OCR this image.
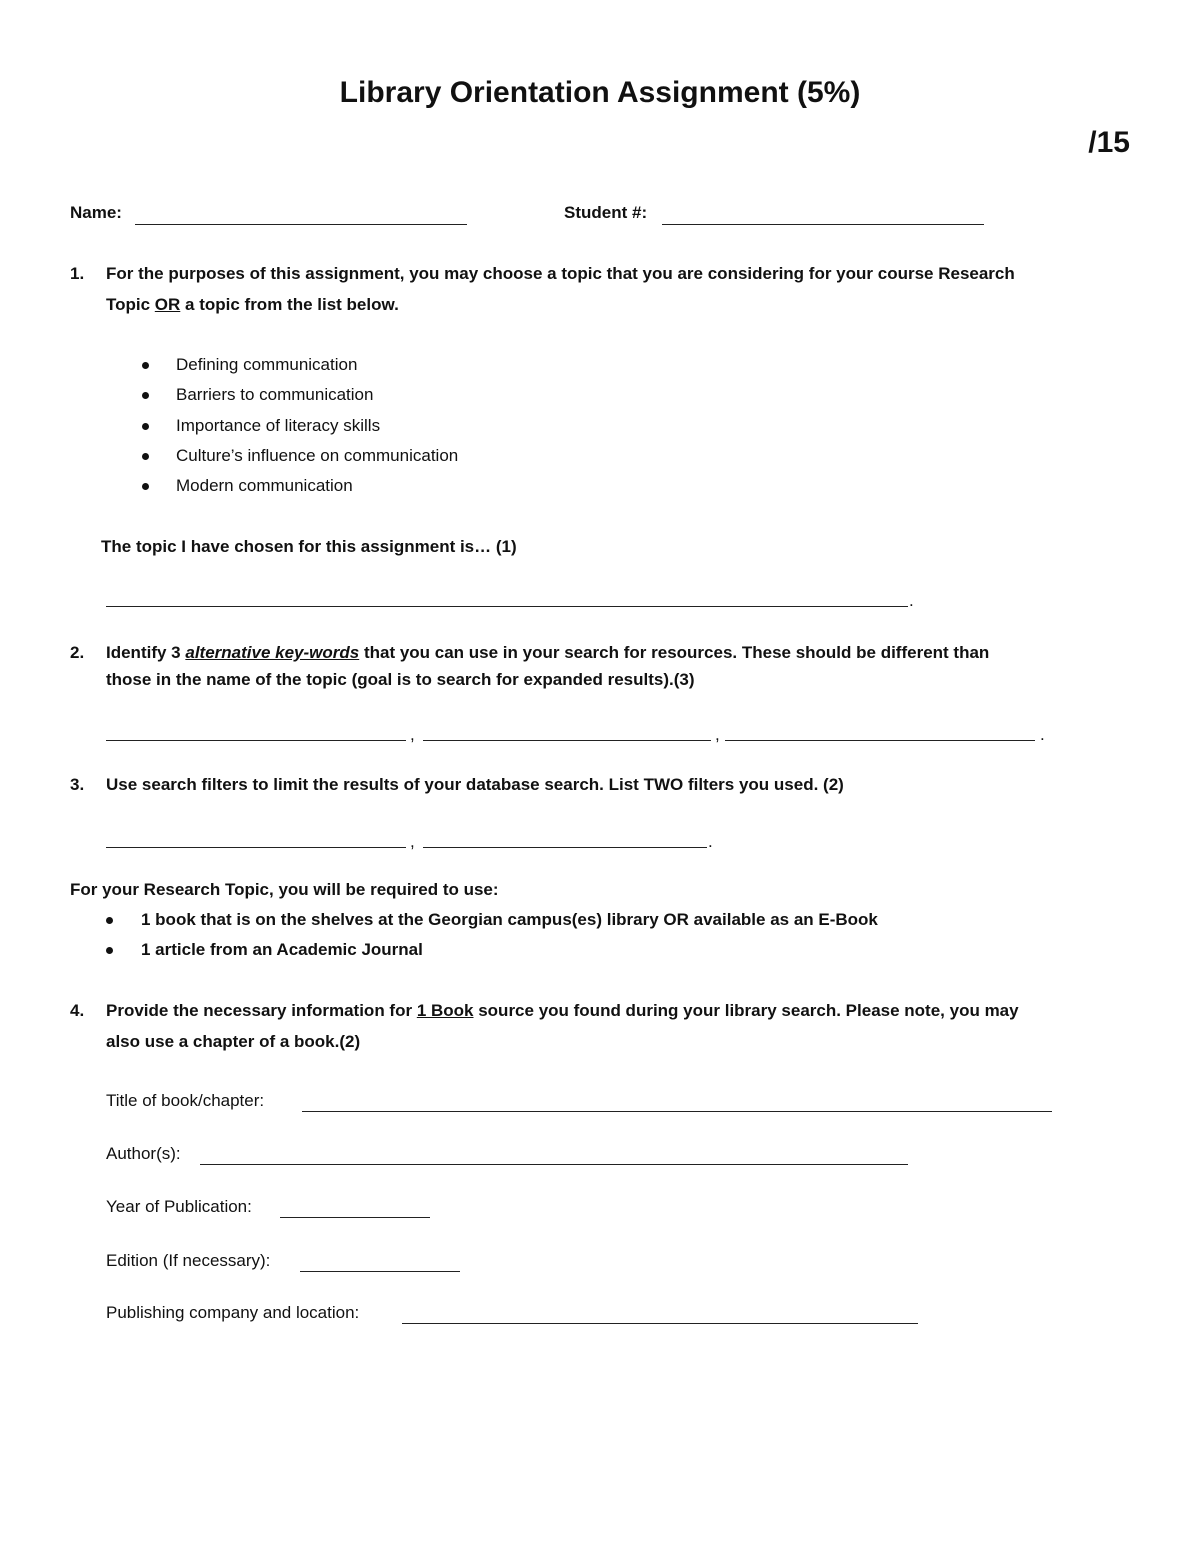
Library Orientation Assignment (5%)
/15
Name:	Student #:
1. For the purposes of this assignment, you may choose a topic that you are considering for your course Research
Topic OR a topic from the list below.
Defining communication
Barriers to communication
Importance of literacy skills
Culture’s influence on communication
Modern communication
The topic I have chosen for this assignment is… (1)
.
2. Identify 3 alternative key-words that you can use in your search for resources. These should be different than
those in the name of the topic (goal is to search for expanded results).(3)
,	,	.
3. Use search filters to limit the results of your database search. List TWO filters you used. (2)
,	.
For your Research Topic, you will be required to use:
1 book that is on the shelves at the Georgian campus(es) library OR available as an E-Book
1 article from an Academic Journal
4. Provide the necessary information for 1 Book source you found during your library search. Please note, you may
also use a chapter of a book.(2)
Title of book/chapter:
Author(s):
Year of Publication:
Edition (If necessary):
Publishing company and location:
